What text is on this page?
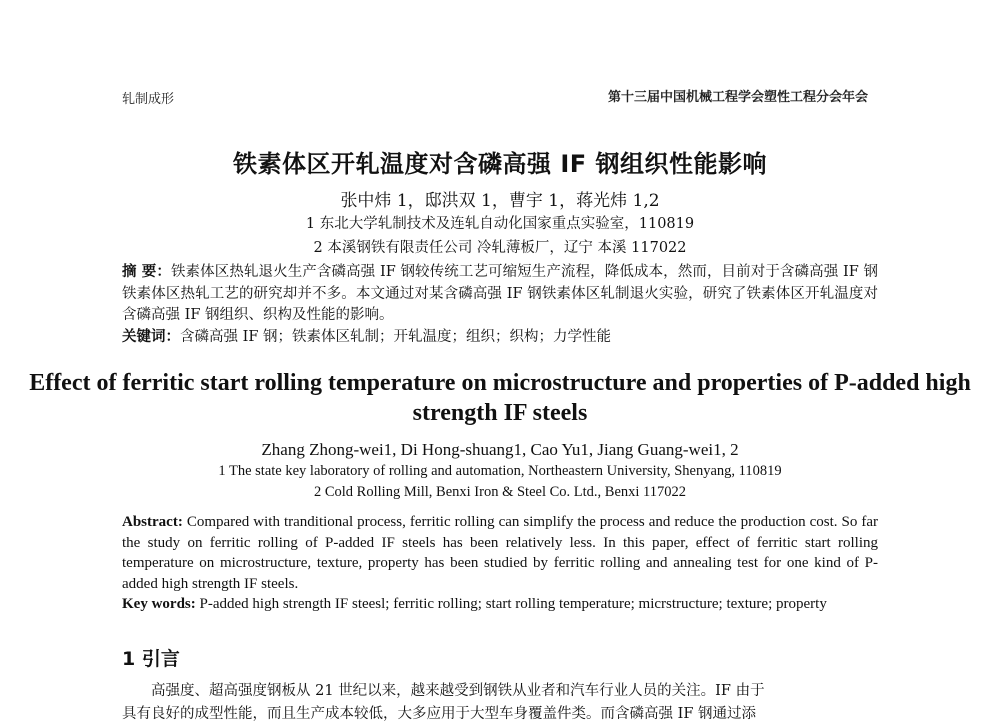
轧制成形	第十三届中国机械工程学会塑性工程分会年会
铁素体区开轧温度对含磷高强 IF 钢组织性能影响
张中炜 1，邸洪双 1，曹宇 1，蒋光炜 1,2
1 东北大学轧制技术及连轧自动化国家重点实验室，110819
2 本溪钢铁有限责任公司 冷轧薄板厂，辽宁 本溪 117022
摘 要：铁素体区热轧退火生产含磷高强 IF 钢较传统工艺可缩短生产流程，降低成本，然而，目前对于含磷高强 IF 钢铁素体区热轧工艺的研究却并不多。本文通过对某含磷高强 IF 钢铁素体区轧制退火实验，研究了铁素体区开轧温度对含磷高强 IF 钢组织、织构及性能的影响。
关键词：含磷高强 IF 钢；铁素体区轧制；开轧温度；组织；织构；力学性能
Effect of ferritic start rolling temperature on microstructure and properties of P-added high strength IF steels
Zhang Zhong-wei1, Di Hong-shuang1, Cao Yu1, Jiang Guang-wei1, 2
1 The state key laboratory of rolling and automation, Northeastern University, Shenyang, 110819
2 Cold Rolling Mill, Benxi Iron & Steel Co. Ltd., Benxi 117022
Abstract: Compared with tranditional process, ferritic rolling can simplify the process and reduce the production cost. So far the study on ferritic rolling of P-added IF steels has been relatively less. In this paper, effect of ferritic start rolling temperature on microstructure, texture, property has been studied by ferritic rolling and annealing test for one kind of P-added high strength IF steels.
Key words: P-added high strength IF steesl; ferritic rolling; start rolling temperature; micrstructure; texture; property
1 引言
高强度、超高强度钢板从 21 世纪以来，越来越受到钢铁从业者和汽车行业人员的关注。IF 由于
具有良好的成型性能，而且生产成本较低，大多应用于大型车身覆盖件类。而含磷高强 IF 钢通过添
